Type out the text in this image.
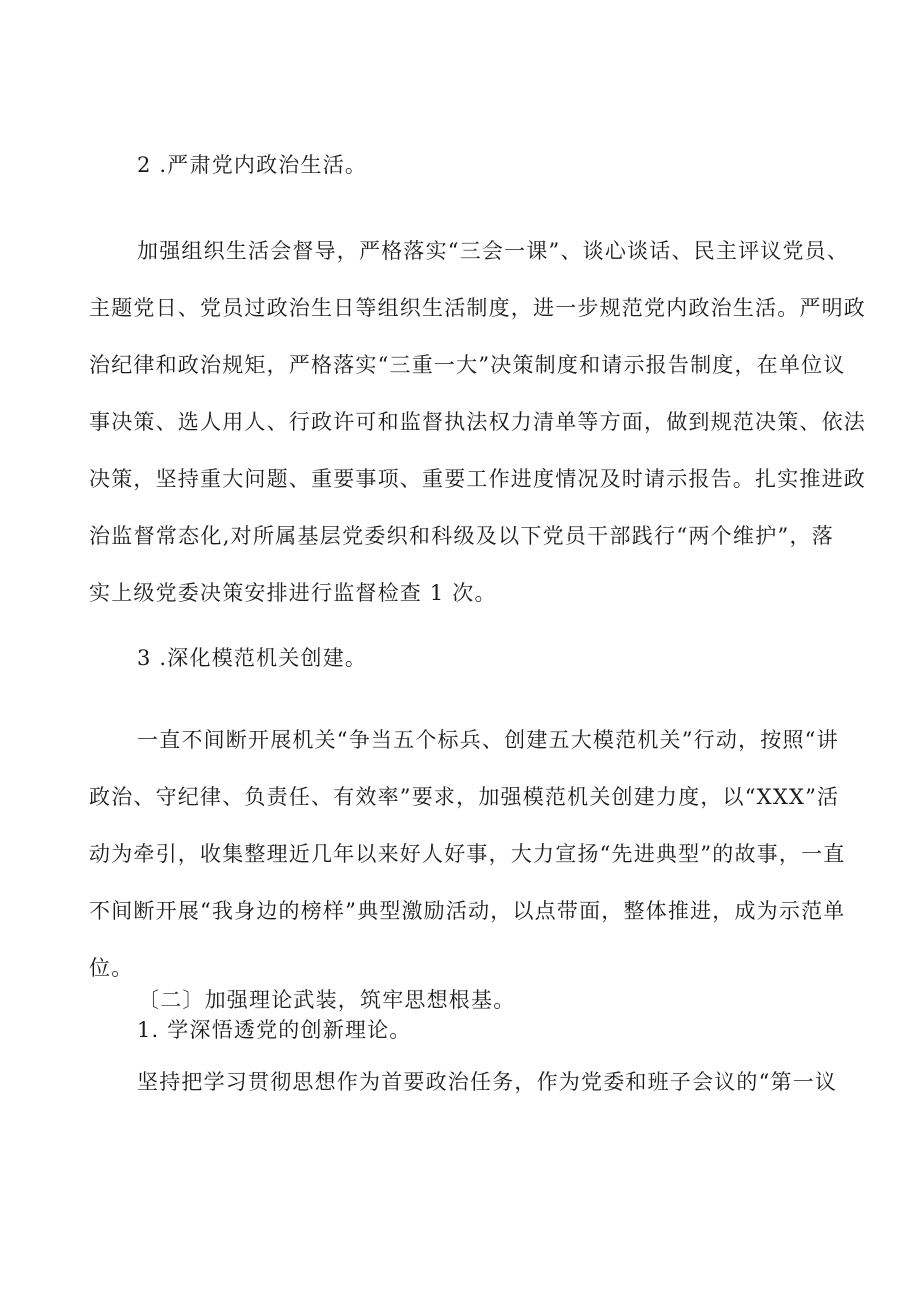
2 .严肃党内政治生活。
加强组织生活会督导，严格落实“三会一课”、谈心谈话、民主评议党员、
主题党日、党员过政治生日等组织生活制度，进一步规范党内政治生活。严明政
治纪律和政治规矩，严格落实“三重一大”决策制度和请示报告制度，在单位议
事决策、选人用人、行政许可和监督执法权力清单等方面，做到规范决策、依法
决策，坚持重大问题、重要事项、重要工作进度情况及时请示报告。扎实推进政
治监督常态化,对所属基层党委织和科级及以下党员干部践行“两个维护”，落
实上级党委决策安排进行监督检查 1 次。
3 .深化模范机关创建。
一直不间断开展机关“争当五个标兵、创建五大模范机关”行动，按照“讲
政治、守纪律、负责任、有效率”要求，加强模范机关创建力度，以“XXX”活
动为牵引，收集整理近几年以来好人好事，大力宣扬“先进典型”的故事，一直
不间断开展“我身边的榜样”典型激励活动，以点带面，整体推进，成为示范单
位。
〔二〕加强理论武装，筑牢思想根基。
1. 学深悟透党的创新理论。
坚持把学习贯彻思想作为首要政治任务，作为党委和班子会议的“第一议
